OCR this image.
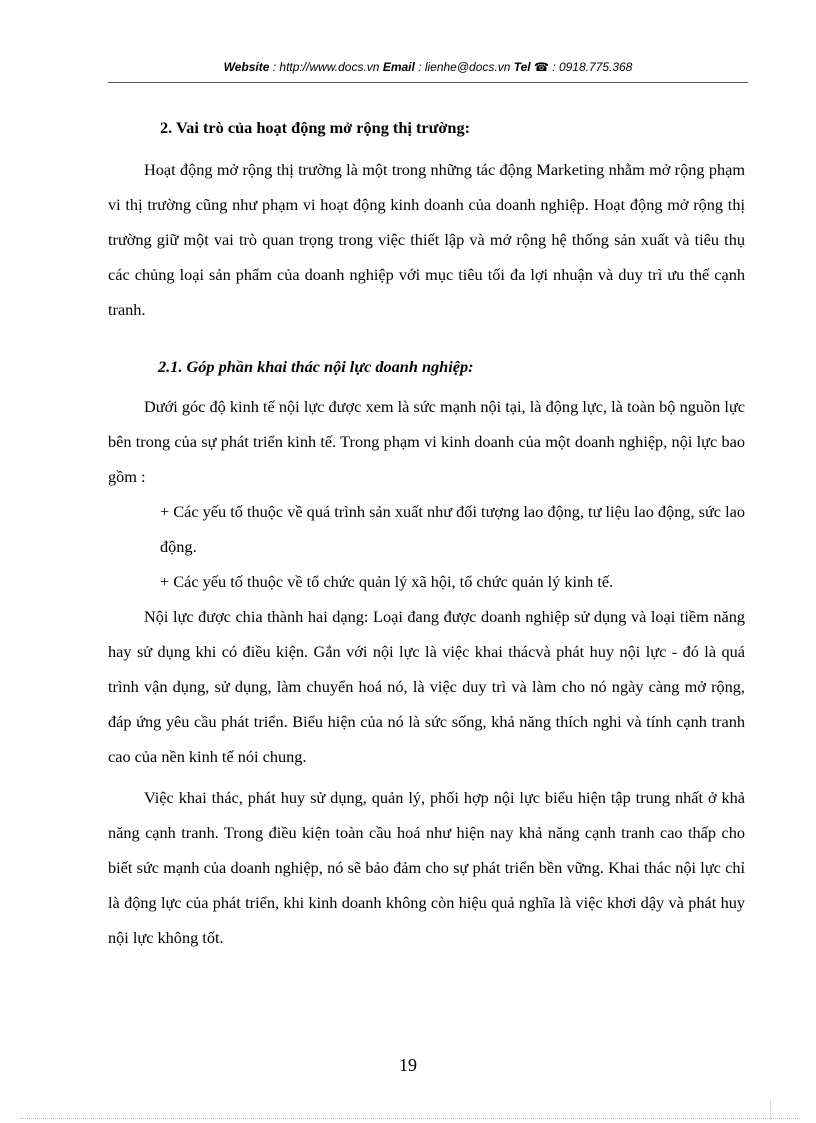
Website : http://www.docs.vn Email : lienhe@docs.vn Tel ☎ : 0918.775.368
2. Vai trò của hoạt động mở rộng thị trường:

Hoạt động mở rộng thị trường là một trong những tác động Marketing nhằm mở rộng phạm vi thị trường cũng như phạm vi hoạt động kinh doanh của doanh nghiệp. Hoạt động mở rộng thị trường giữ một vai trò quan trọng trong việc thiết lập và mở rộng hệ thống sản xuất và tiêu thụ các chủng loại sản phẩm của doanh nghiệp với mục tiêu tối đa lợi nhuận và duy trì ưu thế cạnh tranh.

2.1. Góp phần khai thác nội lực doanh nghiệp:

Dưới góc độ kinh tế nội lực được xem là sức mạnh nội tại, là động lực, là toàn bộ nguồn lực bên trong của sự phát triển kinh tế. Trong phạm vi kinh doanh của một doanh nghiệp, nội lực bao gồm :

+ Các yếu tố thuộc về quá trình sản xuất như đối tượng lao động, tư liệu lao động, sức lao động.

+ Các yếu tố thuộc về tổ chức quản lý xã hội, tổ chức quản lý kinh tế.

Nội lực được chia thành hai dạng: Loại đang được doanh nghiệp sử dụng và loại tiềm năng hay sử dụng khi có điều kiện. Gắn với nội lực là việc khai thácvà phát huy nội lực - đó là quá trình vận dụng, sử dụng, làm chuyển hoá nó, là việc duy trì và làm cho nó ngày càng mở rộng, đáp ứng yêu cầu phát triển. Biểu hiện của nó là sức sống, khả năng thích nghi và tính cạnh tranh cao của nền kinh tế nói chung.

Việc khai thác, phát huy sử dụng, quản lý, phối hợp nội lực biểu hiện tập trung nhất ở khả năng cạnh tranh. Trong điều kiện toàn cầu hoá như hiện nay khả năng cạnh tranh cao thấp cho biết sức mạnh của doanh nghiệp, nó sẽ bảo đảm cho sự phát triển bền vững. Khai thác nội lực chỉ là động lực của phát triển, khi kinh doanh không còn hiệu quả nghĩa là việc khơi dậy và phát huy nội lực không tốt.

19
